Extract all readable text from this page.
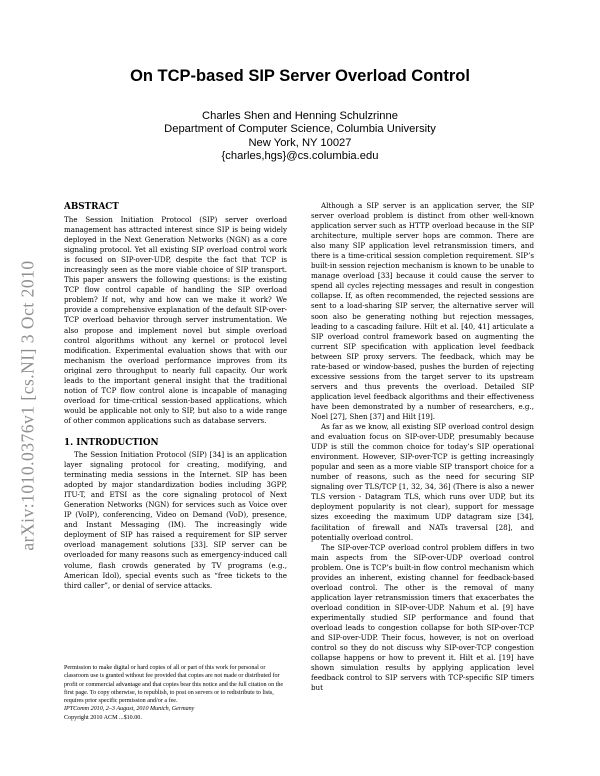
arXiv:1010.0376v1 [cs.NI] 3 Oct 2010
On TCP-based SIP Server Overload Control
Charles Shen and Henning Schulzrinne
Department of Computer Science, Columbia University
New York, NY 10027
{charles,hgs}@cs.columbia.edu
ABSTRACT

The Session Initiation Protocol (SIP) server overload management has attracted interest since SIP is being widely deployed in the Next Generation Networks (NGN) as a core signaling protocol. Yet all existing SIP overload control work is focused on SIP-over-UDP, despite the fact that TCP is increasingly seen as the more viable choice of SIP transport. This paper answers the following questions: is the existing TCP flow control capable of handling the SIP overload problem? If not, why and how can we make it work? We provide a comprehensive explanation of the default SIP-over-TCP overload behavior through server instrumentation. We also propose and implement novel but simple overload control algorithms without any kernel or protocol level modification. Experimental evaluation shows that with our mechanism the overload performance improves from its original zero throughput to nearly full capacity. Our work leads to the important general insight that the traditional notion of TCP flow control alone is incapable of managing overload for time-critical session-based applications, which would be applicable not only to SIP, but also to a wide range of other common applications such as database servers.

1. INTRODUCTION

The Session Initiation Protocol (SIP) [34] is an application layer signaling protocol for creating, modifying, and terminating media sessions in the Internet. SIP has been adopted by major standardization bodies including 3GPP, ITU-T, and ETSI as the core signaling protocol of Next Generation Networks (NGN) for services such as Voice over IP (VoIP), conferencing, Video on Demand (VoD), presence, and Instant Messaging (IM). The increasingly wide deployment of SIP has raised a requirement for SIP server overload management solutions [33]. SIP server can be overloaded for many reasons such as emergency-induced call volume, flash crowds generated by TV programs (e.g., American Idol), special events such as “free tickets to the third caller”, or denial of service attacks.

Although a SIP server is an application server, the SIP server overload problem is distinct from other well-known application server such as HTTP overload because in the SIP architecture, multiple server hops are common. There are also many SIP application level retransmission timers, and there is a time-critical session completion requirement. SIP’s built-in session rejection mechanism is known to be unable to manage overload [33] because it could cause the server to spend all cycles rejecting messages and result in congestion collapse. If, as often recommended, the rejected sessions are sent to a load-sharing SIP server, the alternative server will soon also be generating nothing but rejection messages, leading to a cascading failure. Hilt et al. [40, 41] articulate a SIP overload control framework based on augmenting the current SIP specification with application level feedback between SIP proxy servers. The feedback, which may be rate-based or window-based, pushes the burden of rejecting excessive sessions from the target server to its upstream servers and thus prevents the overload. Detailed SIP application level feedback algorithms and their effectiveness have been demonstrated by a number of researchers, e.g., Noel [27], Shen [37] and Hilt [19].

As far as we know, all existing SIP overload control design and evaluation focus on SIP-over-UDP, presumably because UDP is still the common choice for today’s SIP operational environment. However, SIP-over-TCP is getting increasingly popular and seen as a more viable SIP transport choice for a number of reasons, such as the need for securing SIP signaling over TLS/TCP [1, 32, 34, 36] (There is also a newer TLS version - Datagram TLS, which runs over UDP, but its deployment popularity is not clear), support for message sizes exceeding the maximum UDP datagram size [34], facilitation of firewall and NATs traversal [28], and potentially overload control.

The SIP-over-TCP overload control problem differs in two main aspects from the SIP-over-UDP overload control problem. One is TCP’s built-in flow control mechanism which provides an inherent, existing channel for feedback-based overload control. The other is the removal of many application layer retransmission timers that exacerbates the overload condition in SIP-over-UDP. Nahum et al. [9] have experimentally studied SIP performance and found that overload leads to congestion collapse for both SIP-over-TCP and SIP-over-UDP. Their focus, however, is not on overload control so they do not discuss why SIP-over-TCP congestion collapse happens or how to prevent it. Hilt et al. [19] have shown simulation results by applying application level feedback control to SIP servers with TCP-specific SIP timers but

Permission to make digital or hard copies of all or part of this work for personal or classroom use is granted without fee provided that copies are not made or distributed for profit or commercial advantage and that copies bear this notice and the full citation on the first page. To copy otherwise, to republish, to post on servers or to redistribute to lists, requires prior specific permission and/or a fee.

IPTComm 2010, 2–3 August, 2010 Munich, Germany

Copyright 2010 ACM ...$10.00.
